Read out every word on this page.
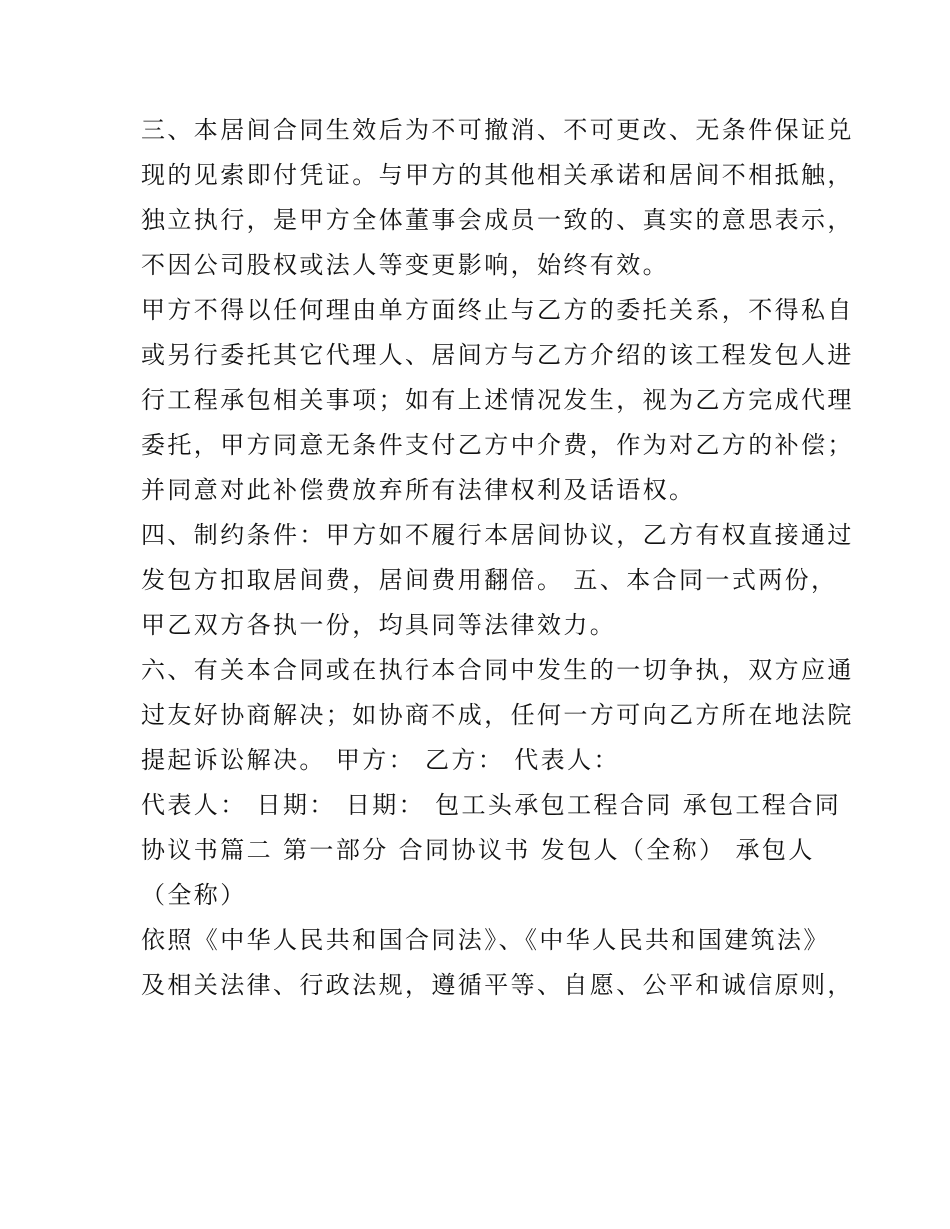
三、本居间合同生效后为不可撤消、不可更改、无条件保证兑
现的见索即付凭证。与甲方的其他相关承诺和居间不相抵触，
独立执行，是甲方全体董事会成员一致的、真实的意思表示，
不因公司股权或法人等变更影响，始终有效。
甲方不得以任何理由单方面终止与乙方的委托关系，不得私自
或另行委托其它代理人、居间方与乙方介绍的该工程发包人进
行工程承包相关事项；如有上述情况发生，视为乙方完成代理
委托，甲方同意无条件支付乙方中介费，作为对乙方的补偿；
并同意对此补偿费放弃所有法律权利及话语权。
四、制约条件：甲方如不履行本居间协议，乙方有权直接通过
发包方扣取居间费，居间费用翻倍。 五、本合同一式两份，
甲乙双方各执一份，均具同等法律效力。
六、有关本合同或在执行本合同中发生的一切争执，双方应通
过友好协商解决；如协商不成，任何一方可向乙方所在地法院
提起诉讼解决。 甲方： 乙方： 代表人：
代表人： 日期： 日期： 包工头承包工程合同 承包工程合同
协议书篇二 第一部分 合同协议书 发包人（全称） 承包人
（全称）
依照《中华人民共和国合同法》、《中华人民共和国建筑法》
及相关法律、行政法规，遵循平等、自愿、公平和诚信原则，
